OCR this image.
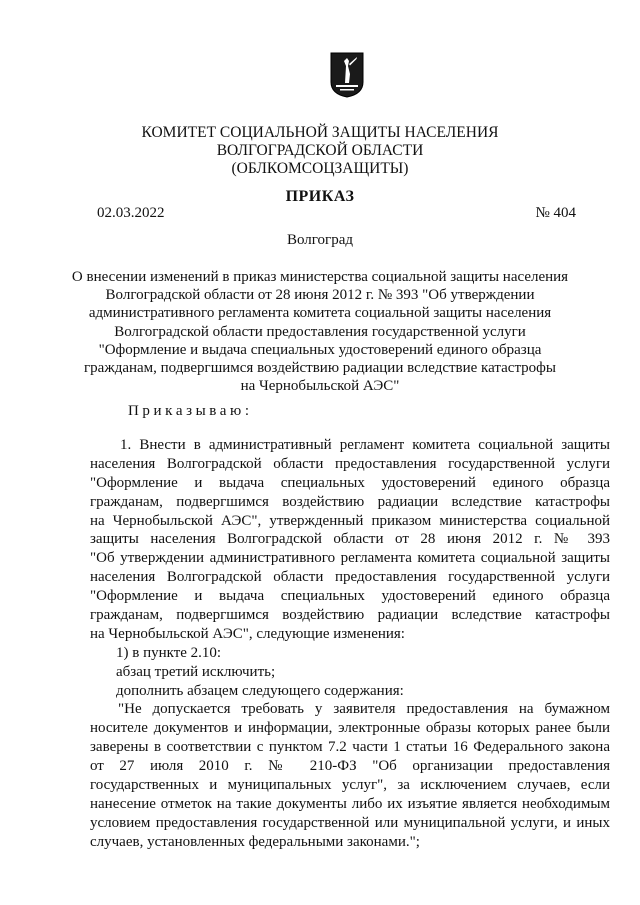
КОМИТЕТ СОЦИАЛЬНОЙ ЗАЩИТЫ НАСЕЛЕНИЯ
ВОЛГОГРАДСКОЙ ОБЛАСТИ
(ОБЛКОМСОЦЗАЩИТЫ)
ПРИКАЗ
02.03.2022	№ 404
Волгоград
О внесении изменений в приказ министерства социальной защиты населения
Волгоградской области от 28 июня 2012 г. № 393 "Об утверждении
административного регламента комитета социальной защиты населения
Волгоградской области предоставления государственной услуги
"Оформление и выдача специальных удостоверений единого образца
гражданам, подвергшимся воздействию радиации вследствие катастрофы
на Чернобыльской АЭС"
Приказываю:
1. Внести в административный регламент комитета социальной защиты
населения Волгоградской области предоставления государственной услуги
"Оформление и выдача специальных удостоверений единого образца
гражданам, подвергшимся воздействию радиации вследствие катастрофы
на Чернобыльской АЭС", утвержденный приказом министерства социальной
защиты населения Волгоградской области от 28 июня 2012 г. № 393
"Об утверждении административного регламента комитета социальной защиты
населения Волгоградской области предоставления государственной услуги
"Оформление и выдача специальных удостоверений единого образца
гражданам, подвергшимся воздействию радиации вследствие катастрофы
на Чернобыльской АЭС", следующие изменения:
1) в пункте 2.10:
абзац третий исключить;
дополнить абзацем следующего содержания:
"Не допускается требовать у заявителя предоставления на бумажном
носителе документов и информации, электронные образы которых ранее были
заверены в соответствии с пунктом 7.2 части 1 статьи 16 Федерального закона
от 27 июля 2010 г. № 210-ФЗ "Об организации предоставления
государственных и муниципальных услуг", за исключением случаев, если
нанесение отметок на такие документы либо их изъятие является необходимым
условием предоставления государственной или муниципальной услуги, и иных
случаев, установленных федеральными законами.";
